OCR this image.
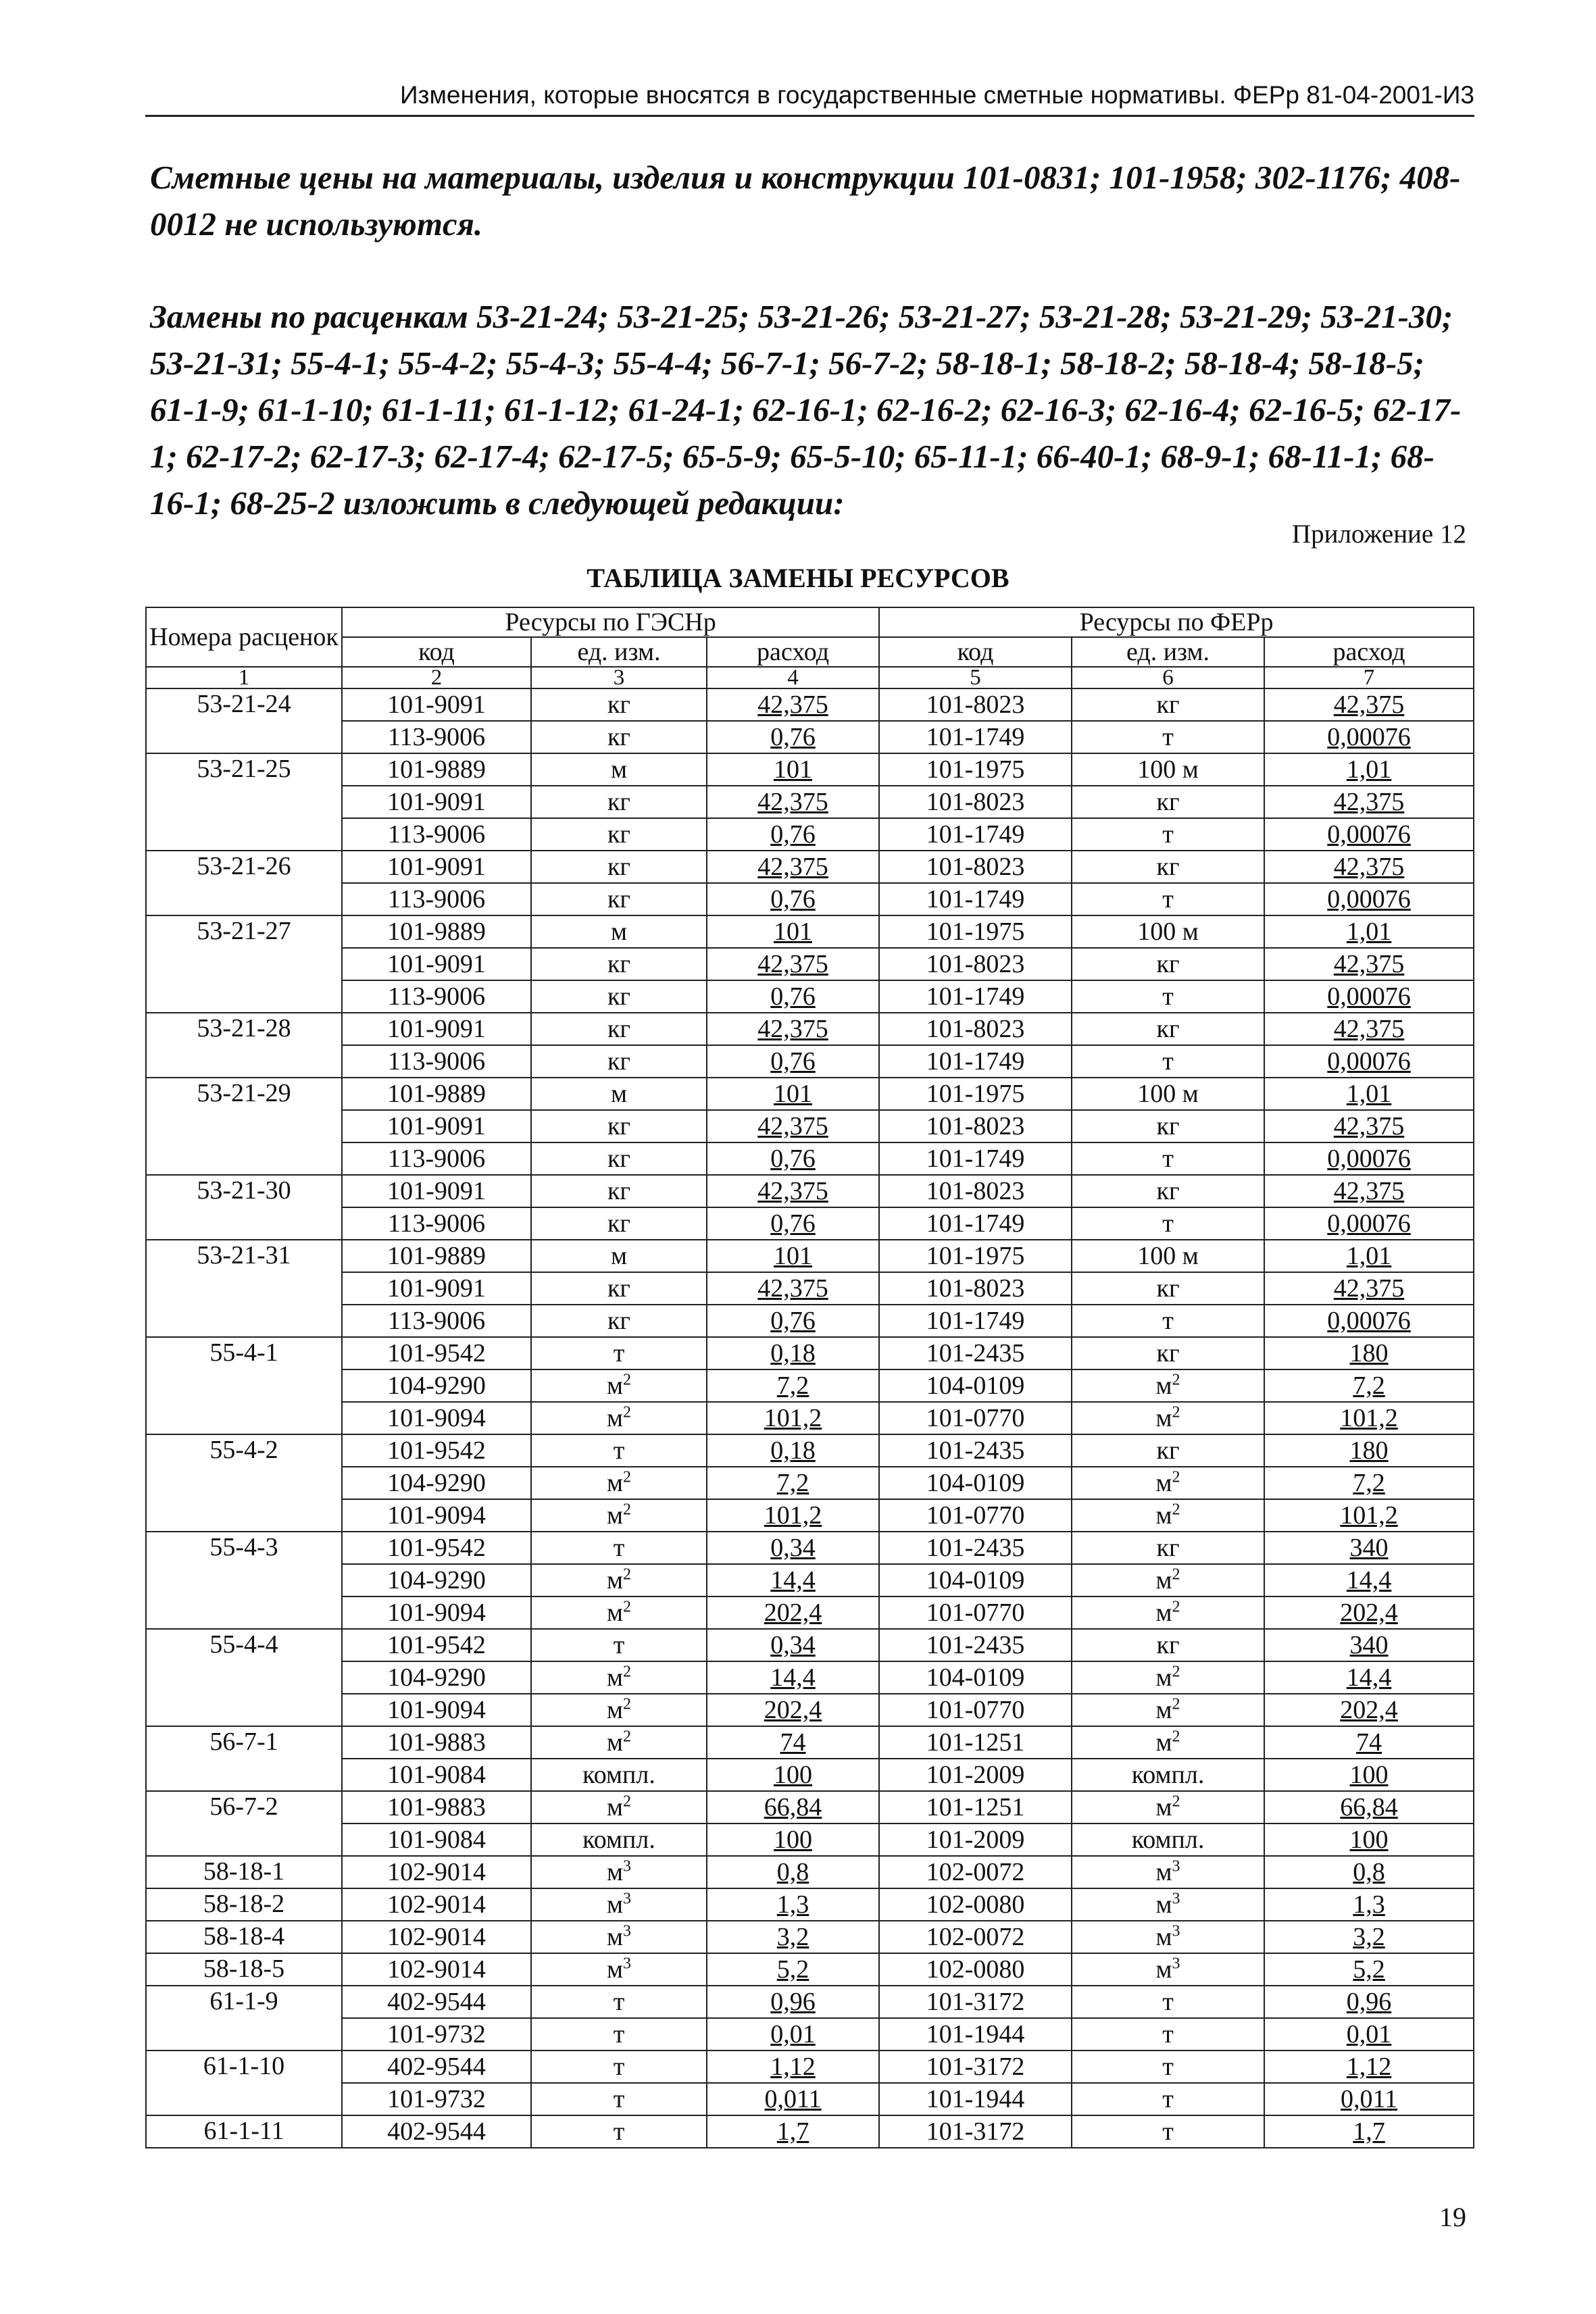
Изменения, которые вносятся в государственные сметные нормативы. ФЕРр 81-04-2001-И3

Сметные цены на материалы, изделия и конструкции 101-0831; 101-1958; 302-1176; 408-0012 не используются.

Замены по расценкам 53-21-24; 53-21-25; 53-21-26; 53-21-27; 53-21-28; 53-21-29; 53-21-30; 53-21-31; 55-4-1; 55-4-2; 55-4-3; 55-4-4; 56-7-1; 56-7-2; 58-18-1; 58-18-2; 58-18-4; 58-18-5; 61-1-9; 61-1-10; 61-1-11; 61-1-12; 61-24-1; 62-16-1; 62-16-2; 62-16-3; 62-16-4; 62-16-5; 62-17-1; 62-17-2; 62-17-3; 62-17-4; 62-17-5; 65-5-9; 65-5-10; 65-11-1; 66-40-1; 68-9-1; 68-11-1; 68-16-1; 68-25-2 изложить в следующей редакции:

Приложение 12
ТАБЛИЦА ЗАМЕНЫ РЕСУРСОВ
Номера расценок	Ресурсы по ГЭСНр			Ресурсы по ФЕРр		
	код	ед. изм.	расход	код	ед. изм.	расход
1	2	3	4	5	6	7
53-21-24	101-9091	кг	42,375	101-8023	кг	42,375
	113-9006	кг	0,76	101-1749	т	0,00076
53-21-25	101-9889	м	101	101-1975	100 м	1,01
	101-9091	кг	42,375	101-8023	кг	42,375
	113-9006	кг	0,76	101-1749	т	0,00076
53-21-26	101-9091	кг	42,375	101-8023	кг	42,375
	113-9006	кг	0,76	101-1749	т	0,00076
53-21-27	101-9889	м	101	101-1975	100 м	1,01
	101-9091	кг	42,375	101-8023	кг	42,375
	113-9006	кг	0,76	101-1749	т	0,00076
53-21-28	101-9091	кг	42,375	101-8023	кг	42,375
	113-9006	кг	0,76	101-1749	т	0,00076
53-21-29	101-9889	м	101	101-1975	100 м	1,01
	101-9091	кг	42,375	101-8023	кг	42,375
	113-9006	кг	0,76	101-1749	т	0,00076
53-21-30	101-9091	кг	42,375	101-8023	кг	42,375
	113-9006	кг	0,76	101-1749	т	0,00076
53-21-31	101-9889	м	101	101-1975	100 м	1,01
	101-9091	кг	42,375	101-8023	кг	42,375
	113-9006	кг	0,76	101-1749	т	0,00076
55-4-1	101-9542	т	0,18	101-2435	кг	180
	104-9290	$м^2$	7,2	104-0109	$м^2$	7,2
	101-9094	$м^2$	101,2	101-0770	$м^2$	101,2
55-4-2	101-9542	т	0,18	101-2435	кг	180
	104-9290	$м^2$	7,2	104-0109	$м^2$	7,2
	101-9094	$м^2$	101,2	101-0770	$м^2$	101,2
55-4-3	101-9542	т	0,34	101-2435	кг	340
	104-9290	$м^2$	14,4	104-0109	$м^2$	14,4
	101-9094	$м^2$	202,4	101-0770	$м^2$	202,4
55-4-4	101-9542	т	0,34	101-2435	кг	340
	104-9290	$м^2$	14,4	104-0109	$м^2$	14,4
	101-9094	$м^2$	202,4	101-0770	$м^2$	202,4
56-7-1	101-9883	$м^2$	74	101-1251	$м^2$	74
	101-9084	компл.	100	101-2009	компл.	100
56-7-2	101-9883	$м^2$	66,84	101-1251	$м^2$	66,84
	101-9084	компл.	100	101-2009	компл.	100
58-18-1	102-9014	$м^3$	0,8	102-0072	$м^3$	0,8
58-18-2	102-9014	$м^3$	1,3	102-0080	$м^3$	1,3
58-18-4	102-9014	$м^3$	3,2	102-0072	$м^3$	3,2
58-18-5	102-9014	$м^3$	5,2	102-0080	$м^3$	5,2
61-1-9	402-9544	т	0,96	101-3172	т	0,96
	101-9732	т	0,01	101-1944	т	0,01
61-1-10	402-9544	т	1,12	101-3172	т	1,12
	101-9732	т	0,011	101-1944	т	0,011
61-1-11	402-9544	т	1,7	101-3172	т	1,7
19
